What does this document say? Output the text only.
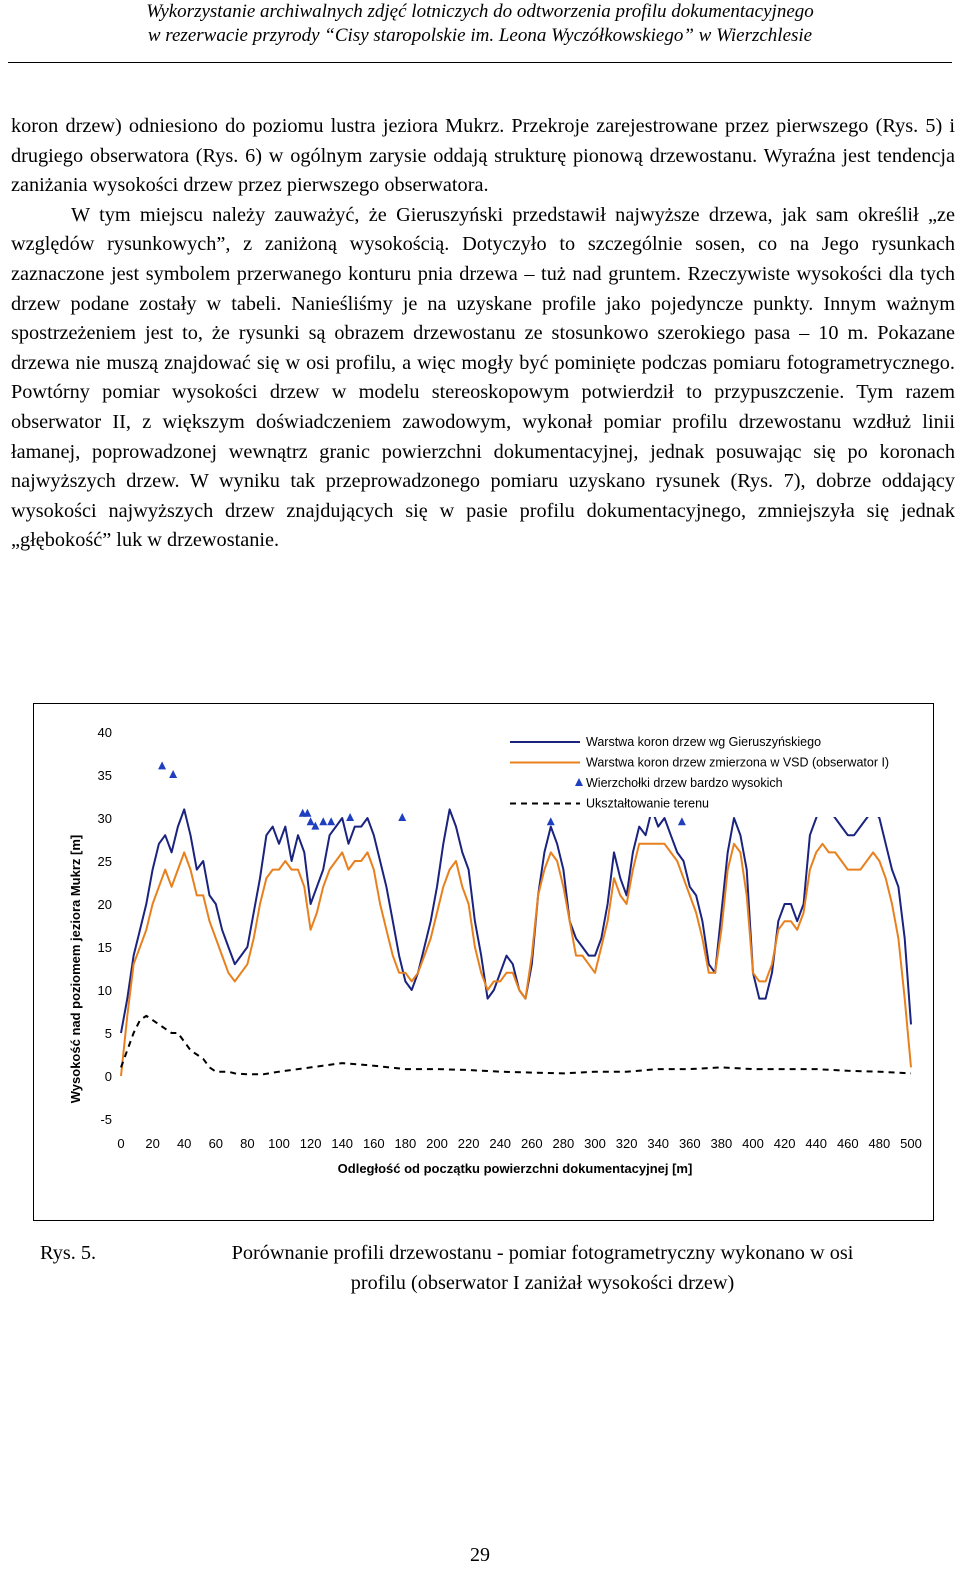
Wykorzystanie archiwalnych zdjęć lotniczych do odtworzenia profilu dokumentacyjnego
w rezerwacie przyrody “Cisy staropolskie im. Leona Wyczółkowskiego” w Wierzchlesie

koron drzew) odniesiono do poziomu lustra jeziora Mukrz. Przekroje zarejestrowane przez pierwszego (Rys. 5) i drugiego obserwatora (Rys. 6) w ogólnym zarysie oddają strukturę pionową drzewostanu. Wyraźna jest tendencja zaniżania wysokości drzew przez pierwszego obserwatora.

W tym miejscu należy zauważyć, że Gieruszyński przedstawił najwyższe drzewa, jak sam określił „ze względów rysunkowych”, z zaniżoną wysokością. Dotyczyło to szczególnie sosen, co na Jego rysunkach zaznaczone jest symbolem przerwanego konturu pnia drzewa – tuż nad gruntem. Rzeczywiste wysokości dla tych drzew podane zostały w tabeli. Nanieśliśmy je na uzyskane profile jako pojedyncze punkty. Innym ważnym spostrzeżeniem jest to, że rysunki są obrazem drzewostanu ze stosunkowo szerokiego pasa – 10 m. Pokazane drzewa nie muszą znajdować się w osi profilu, a więc mogły być pominięte podczas pomiaru fotogrametrycznego. Powtórny pomiar wysokości drzew w modelu stereoskopowym potwierdził to przypuszczenie. Tym razem obserwator II, z większym doświadczeniem zawodowym, wykonał pomiar profilu drzewostanu wzdłuż linii łamanej, poprowadzonej wewnątrz granic powierzchni dokumentacyjnej, jednak posuwając się po koronach najwyższych drzew. W wyniku tak przeprowadzonego pomiaru uzyskano rysunek (Rys. 7), dobrze oddający wysokości najwyższych drzew znajdujących się w pasie profilu dokumentacyjnego, zmniejszyła się jednak „głębokość” luk w drzewostanie.

-5
0
5
10
15
20
25
30
35
40
0 20 40 60 80 100 120 140 160 180 200 220 240 260 280 300 320 340 360 380 400 420 440 460 480 500
Wysokość nad poziomem jeziora Mukrz [m]
Odległość od początku powierzchni dokumentacyjnej [m]
Warstwa koron drzew wg Gieruszyńskiego
Warstwa koron drzew zmierzona w VSD (obserwator I)
Wierzchołki drzew bardzo wysokich
Ukształtowanie terenu
Rys. 5.	Porównanie profili drzewostanu - pomiar fotogrametryczny wykonano w osi
profilu (obserwator I zaniżał wysokości drzew)
29
